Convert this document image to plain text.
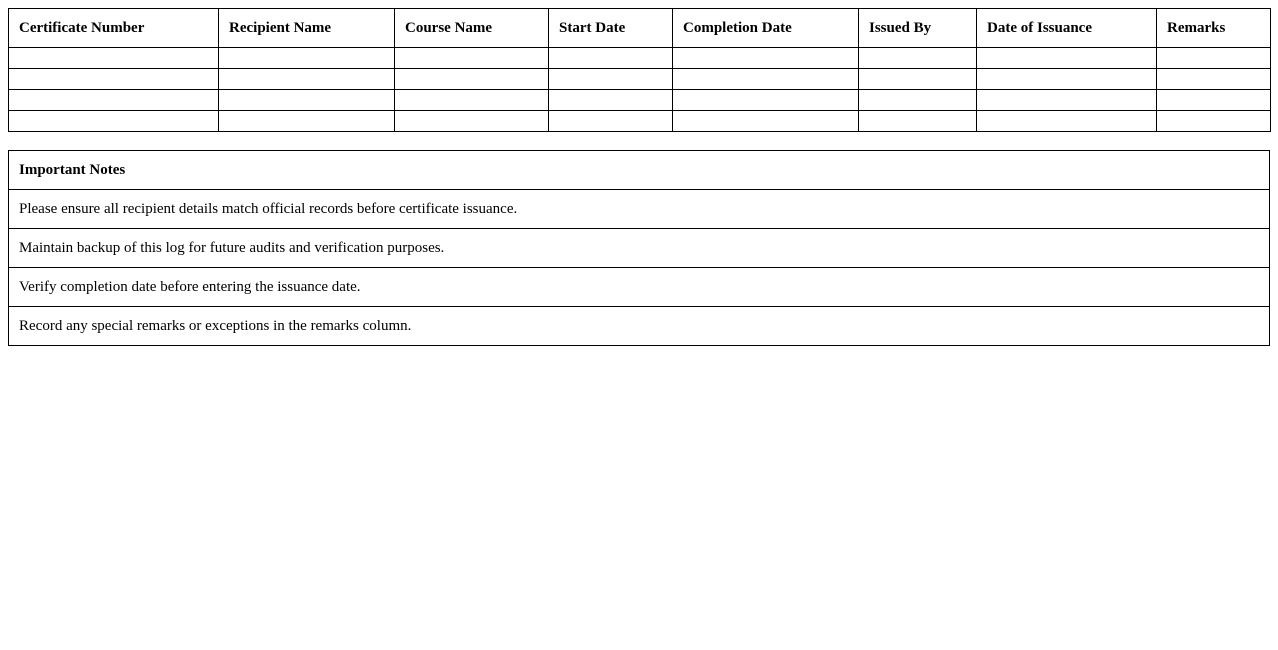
Certificate Number	Recipient Name	Course Name	Start Date	Completion Date	Issued By	Date of Issuance	Remarks

Important Notes
Please ensure all recipient details match official records before certificate issuance.
Maintain backup of this log for future audits and verification purposes.
Verify completion date before entering the issuance date.
Record any special remarks or exceptions in the remarks column.
